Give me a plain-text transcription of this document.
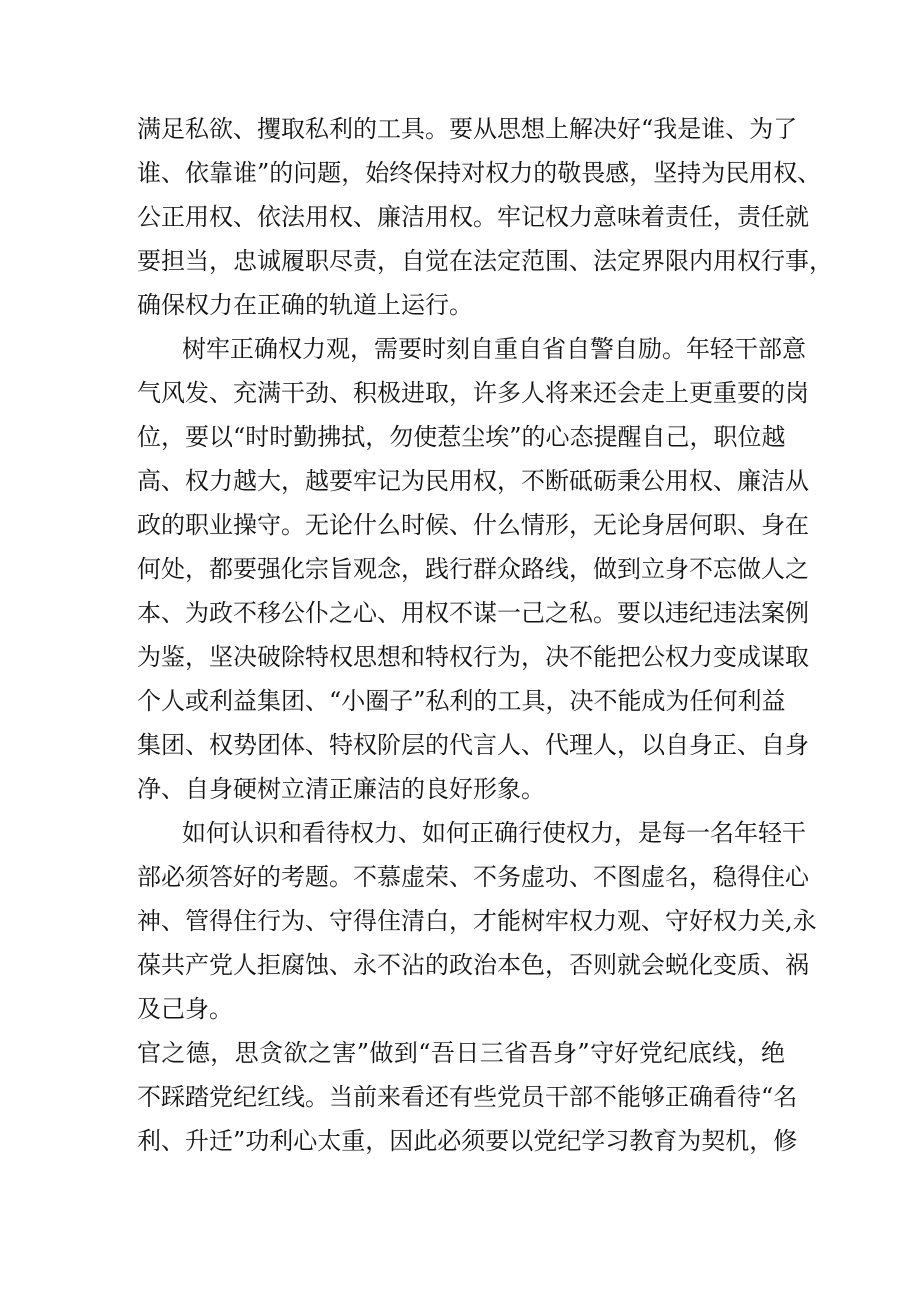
满足私欲、攫取私利的工具。要从思想上解决好“我是谁、为了
谁、依靠谁”的问题，始终保持对权力的敬畏感，坚持为民用权、
公正用权、依法用权、廉洁用权。牢记权力意味着责任，责任就
要担当，忠诚履职尽责，自觉在法定范围、法定界限内用权行事，
确保权力在正确的轨道上运行。
树牢正确权力观，需要时刻自重自省自警自励。年轻干部意
气风发、充满干劲、积极进取，许多人将来还会走上更重要的岗
位，要以“时时勤拂拭，勿使惹尘埃”的心态提醒自己，职位越
高、权力越大，越要牢记为民用权，不断砥砺秉公用权、廉洁从
政的职业操守。无论什么时候、什么情形，无论身居何职、身在
何处，都要强化宗旨观念，践行群众路线，做到立身不忘做人之
本、为政不移公仆之心、用权不谋一己之私。要以违纪违法案例
为鉴，坚决破除特权思想和特权行为，决不能把公权力变成谋取
个人或利益集团、“小圈子”私利的工具，决不能成为任何利益
集团、权势团体、特权阶层的代言人、代理人，以自身正、自身
净、自身硬树立清正廉洁的良好形象。
如何认识和看待权力、如何正确行使权力，是每一名年轻干
部必须答好的考题。不慕虚荣、不务虚功、不图虚名，稳得住心
神、管得住行为、守得住清白，才能树牢权力观、守好权力关,永
葆共产党人拒腐蚀、永不沾的政治本色，否则就会蜕化变质、祸
及己身。
官之德，思贪欲之害”做到“吾日三省吾身”守好党纪底线，绝
不踩踏党纪红线。当前来看还有些党员干部不能够正确看待“名
利、升迁”功利心太重，因此必须要以党纪学习教育为契机，修
